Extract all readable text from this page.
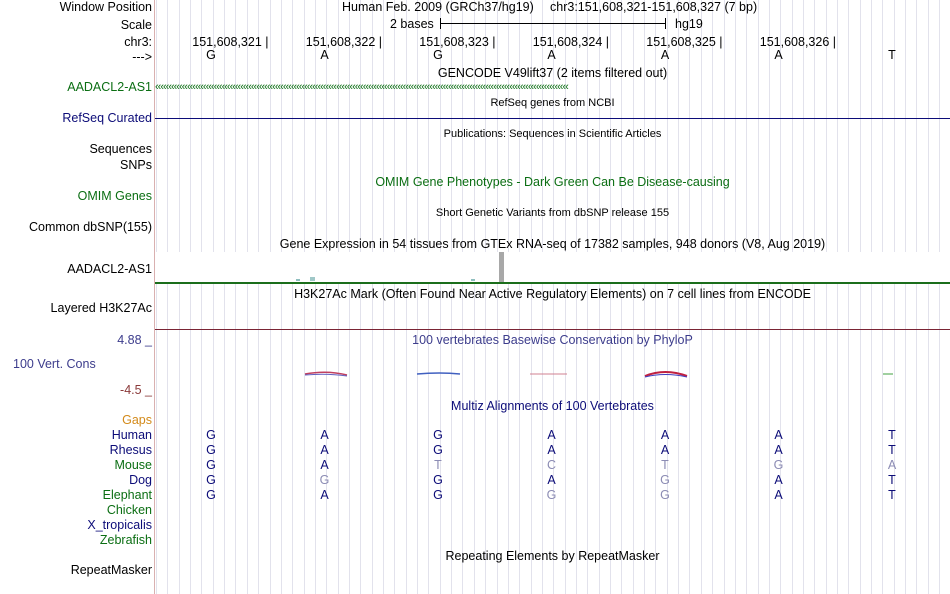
Window Position	Human Feb. 2009 (GRCh37/hg19) chr3:151,608,321-151,608,327 (7 bp)
Scale	2 bases	hg19
chr3:	151,608,321 |	151,608,322 |	151,608,323 |	151,608,324 |	151,608,325 |	151,608,326 |
--->	G	A	G	A	A	A	T
GENCODE V49lift37 (2 items filtered out)
AADACL2-AS1 ‹‹‹‹‹‹‹‹‹‹‹‹‹‹‹‹‹‹‹‹‹‹‹‹‹‹‹‹‹‹‹‹‹‹‹‹‹‹‹‹‹‹‹‹‹‹‹‹‹‹‹‹‹‹‹‹‹‹‹‹‹‹‹‹‹‹‹‹‹‹‹‹‹‹‹‹‹‹‹‹‹‹‹‹‹‹‹‹‹‹‹‹‹‹‹‹‹‹‹‹‹‹‹‹‹‹‹‹‹‹‹‹‹‹‹‹‹‹‹‹‹‹‹‹‹‹‹‹‹‹‹‹‹‹‹‹‹‹‹‹‹‹‹‹‹‹‹‹‹‹‹‹‹‹‹
RefSeq genes from NCBI
RefSeq Curated
Publications: Sequences in Scientific Articles
Sequences
SNPs
OMIM Gene Phenotypes - Dark Green Can Be Disease-causing
OMIM Genes
Short Genetic Variants from dbSNP release 155
Common dbSNP(155)
Gene Expression in 54 tissues from GTEx RNA-seq of 17382 samples, 948 donors (V8, Aug 2019)
AADACL2-AS1
H3K27Ac Mark (Often Found Near Active Regulatory Elements) on 7 cell lines from ENCODE
Layered H3K27Ac
4.88 _	100 vertebrates Basewise Conservation by PhyloP
100 Vert. Cons
-4.5 _
Multiz Alignments of 100 Vertebrates
Gaps
Human	G	A	G	A	A	A	T
Rhesus	G	A	G	A	A	A	T
Mouse	G	A	T	C	T	G	A
Dog	G	G	G	A	G	A	T
Elephant	G	A	G	G	G	A	T
Chicken
X_tropicalis
Zebrafish
Repeating Elements by RepeatMasker
RepeatMasker
